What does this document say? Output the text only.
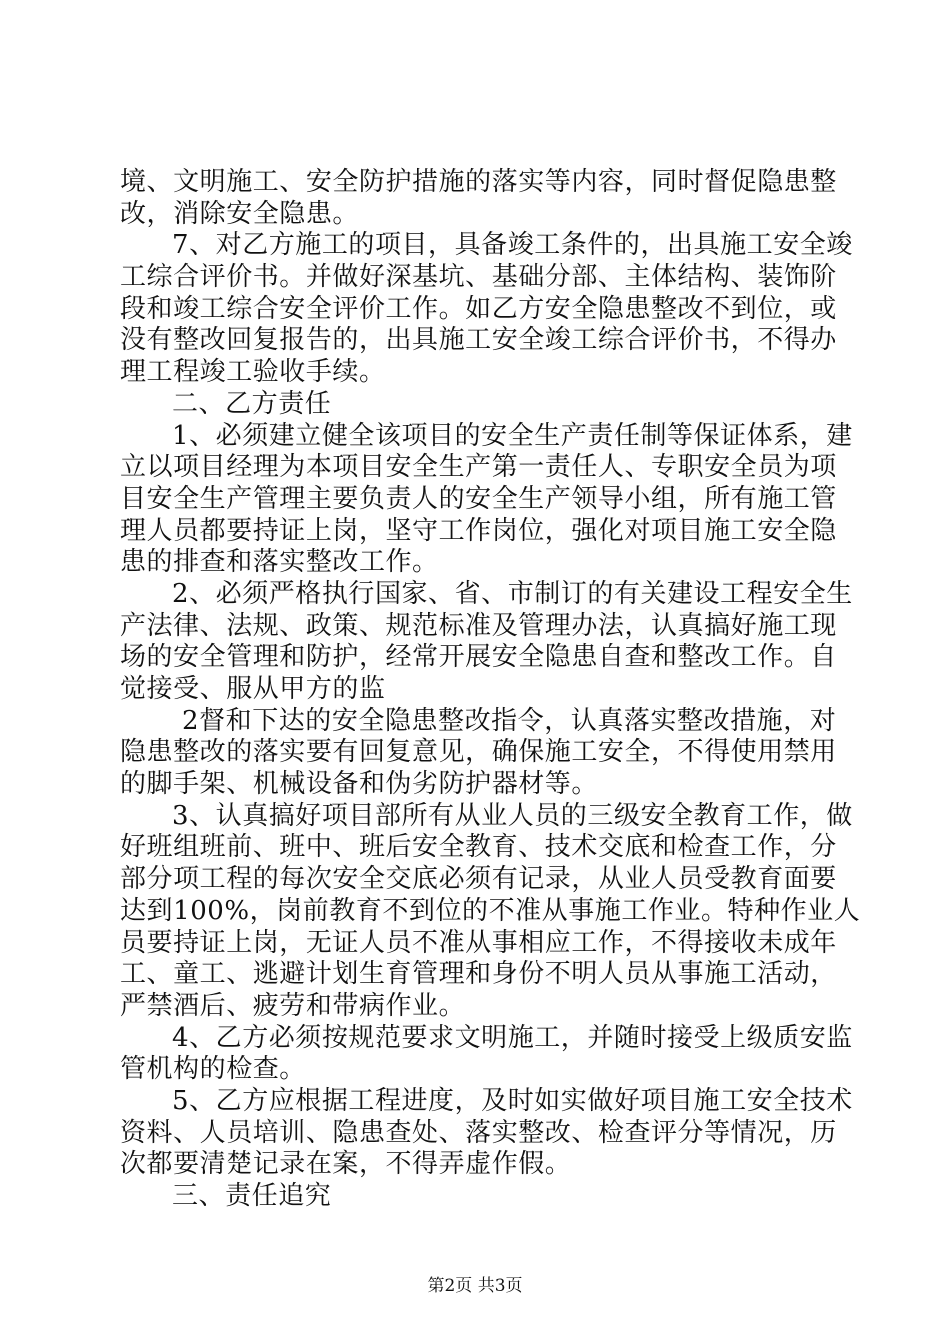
境、文明施工、安全防护措施的落实等内容，同时督促隐患整
改，消除安全隐患。
7、对乙方施工的项目，具备竣工条件的，出具施工安全竣
工综合评价书。并做好深基坑、基础分部、主体结构、装饰阶
段和竣工综合安全评价工作。如乙方安全隐患整改不到位，或
没有整改回复报告的，出具施工安全竣工综合评价书，不得办
理工程竣工验收手续。
二、乙方责任
1、必须建立健全该项目的安全生产责任制等保证体系，建
立以项目经理为本项目安全生产第一责任人、专职安全员为项
目安全生产管理主要负责人的安全生产领导小组，所有施工管
理人员都要持证上岗，坚守工作岗位，强化对项目施工安全隐
患的排查和落实整改工作。
2、必须严格执行国家、省、市制订的有关建设工程安全生
产法律、法规、政策、规范标准及管理办法，认真搞好施工现
场的安全管理和防护，经常开展安全隐患自查和整改工作。自
觉接受、服从甲方的监
2督和下达的安全隐患整改指令，认真落实整改措施，对
隐患整改的落实要有回复意见，确保施工安全，不得使用禁用
的脚手架、机械设备和伪劣防护器材等。
3、认真搞好项目部所有从业人员的三级安全教育工作，做
好班组班前、班中、班后安全教育、技术交底和检查工作，分
部分项工程的每次安全交底必须有记录，从业人员受教育面要
达到100%，岗前教育不到位的不准从事施工作业。特种作业人
员要持证上岗，无证人员不准从事相应工作，不得接收未成年
工、童工、逃避计划生育管理和身份不明人员从事施工活动，
严禁酒后、疲劳和带病作业。
4、乙方必须按规范要求文明施工，并随时接受上级质安监
管机构的检查。
5、乙方应根据工程进度，及时如实做好项目施工安全技术
资料、人员培训、隐患查处、落实整改、检查评分等情况，历
次都要清楚记录在案，不得弄虚作假。
三、责任追究
第2页 共3页
